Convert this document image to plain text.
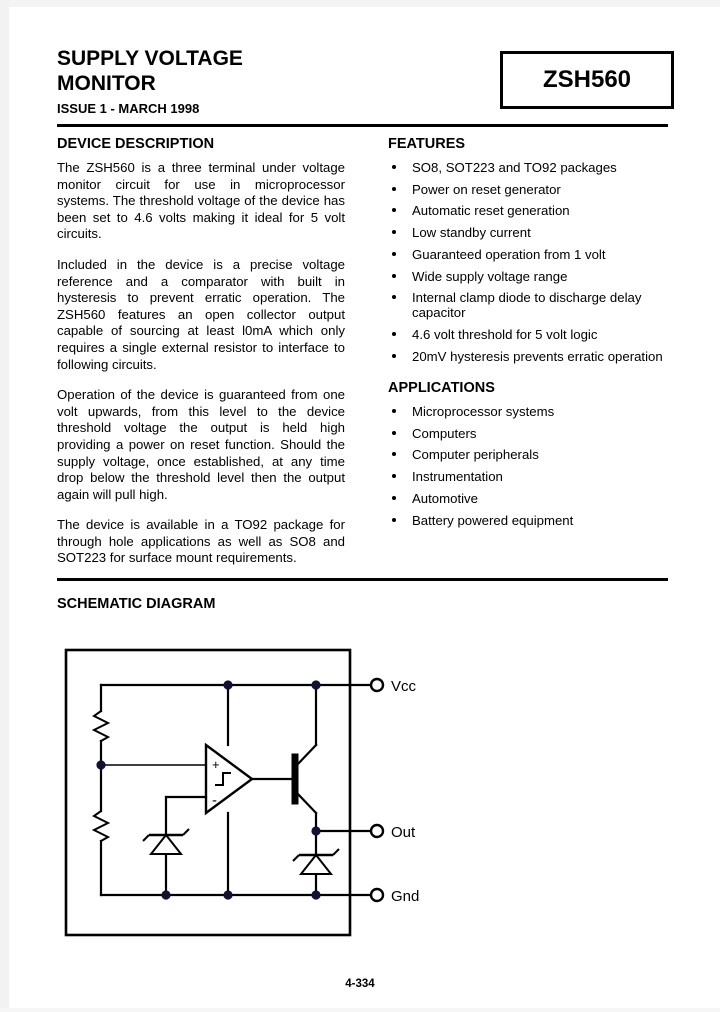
SUPPLY VOLTAGE
MONITOR
ISSUE 1 - MARCH 1998
ZSH560
DEVICE DESCRIPTION

The ZSH560 is a three terminal under voltage monitor circuit for use in microprocessor systems. The threshold voltage of the device has been set to 4.6 volts making it ideal for 5 volt circuits.

Included in the device is a precise voltage reference and a comparator with built in hysteresis to prevent erratic operation. The ZSH560 features an open collector output capable of sourcing at least l0mA which only requires a single external resistor to interface to following circuits.

Operation of the device is guaranteed from one volt upwards, from this level to the device threshold voltage the output is held high providing a power on reset function. Should the supply voltage, once established, at any time drop below the threshold level then the output again will pull high.

The device is available in a TO92 package for through hole applications as well as SO8 and SOT223 for surface mount requirements.

FEATURES
SO8, SOT223 and TO92 packages
Power on reset generator
Automatic reset generation
Low standby current
Guaranteed operation from 1 volt
Wide supply voltage range
Internal clamp diode to discharge delay capacitor
4.6 volt threshold for 5 volt logic
20mV hysteresis prevents erratic operation
APPLICATIONS
Microprocessor systems
Computers
Computer peripherals
Instrumentation
Automotive
Battery powered equipment
SCHEMATIC DIAGRAM
+
-
Vcc
Out
Gnd
4-334
